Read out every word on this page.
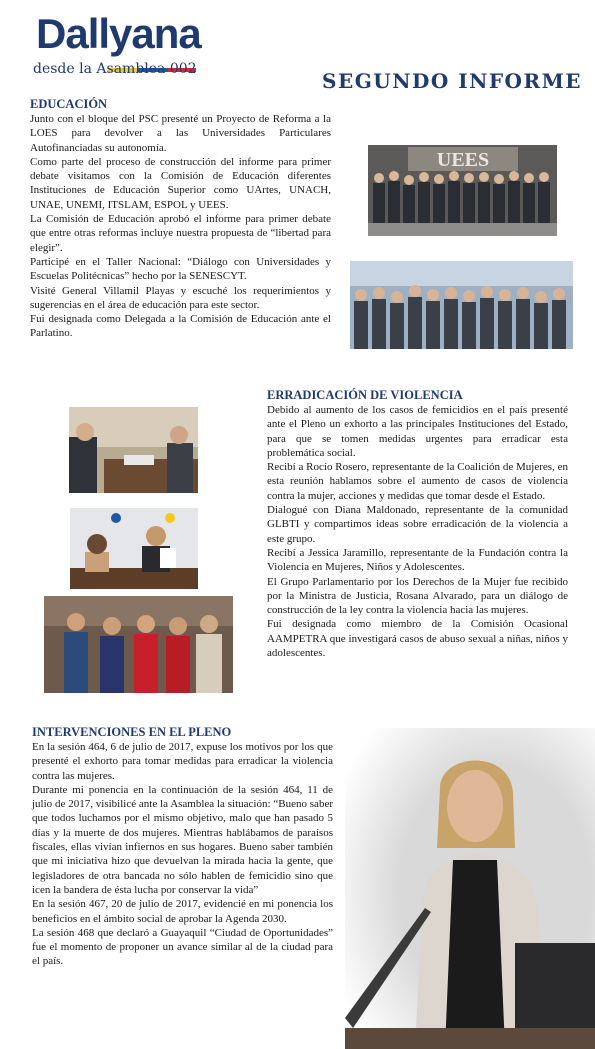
Dallyana
desde la Asamblea 002	SEGUNDO INFORME
EDUCACIÓN

Junto con el bloque del PSC presenté un Proyecto de Reforma a la LOES para devolver a las Universidades Particulares Autofinanciadas su autonomía.

Como parte del proceso de construcción del informe para primer debate visitamos con la Comisión de Educación diferentes Instituciones de Educación Superior como UArtes, UNACH, UNAE, UNEMI, ITSLAM, ESPOL y UEES.

La Comisión de Educación aprobó el informe para primer debate que entre otras reformas incluye nuestra propuesta de “libertad para elegir”.

Participé en el Taller Nacional: “Diálogo con Universidades y Escuelas Politécnicas” hecho por la SENESCYT.

Visité General Villamil Playas y escuché los requerimientos y sugerencias en el área de educación para este sector.

Fui designada como Delegada a la Comisión de Educación ante el Parlatino.

UEES
ERRADICACIÓN DE VIOLENCIA

Debido al aumento de los casos de femicidios en el país presenté ante el Pleno un exhorto a las principales Instituciones del Estado, para que se tomen medidas urgentes para erradicar esta problemática social.

Recibí a Rocío Rosero, representante de la Coalición de Mujeres, en esta reunión hablamos sobre el aumento de casos de violencia contra la mujer, acciones y medidas que tomar desde el Estado.

Dialogué con Diana Maldonado, representante de la comunidad GLBTI y compartimos ideas sobre erradicación de la violencia a este grupo.

Recibí a Jessica Jaramillo, representante de la Fundación contra la Violencia en Mujeres, Niños y Adolescentes.

El Grupo Parlamentario por los Derechos de la Mujer fue recibido por la Ministra de Justicia, Rosana Alvarado, para un diálogo de construcción de la ley contra la violencia hacia las mujeres.

Fui designada como miembro de la Comisión Ocasional AAMPETRA que investigará casos de abuso sexual a niñas, niños y adolescentes.

INTERVENCIONES EN EL PLENO

En la sesión 464, 6 de julio de 2017, expuse los motivos por los que presenté el exhorto para tomar medidas para erradicar la violencia contra las mujeres.

Durante mi ponencia en la continuación de la sesión 464, 11 de julio de 2017, visibilicé ante la Asamblea la situación: “Bueno saber que todos luchamos por el mismo objetivo, malo que han pasado 5 días y la muerte de dos mujeres. Mientras hablábamos de paraísos fiscales, ellas vivían infiernos en sus hogares. Bueno saber también que mi iniciativa hizo que devuelvan la mirada hacia la gente, que legisladores de otra bancada no sólo hablen de femicidio sino que icen la bandera de ésta lucha por conservar la vida”

En la sesión 467, 20 de julio de 2017, evidencié en mi ponencia los beneficios en el ámbito social de aprobar la Agenda 2030.

La sesión 468 que declaró a Guayaquil “Ciudad de Oportunidades” fue el momento de proponer un avance similar al de la ciudad para el país.
